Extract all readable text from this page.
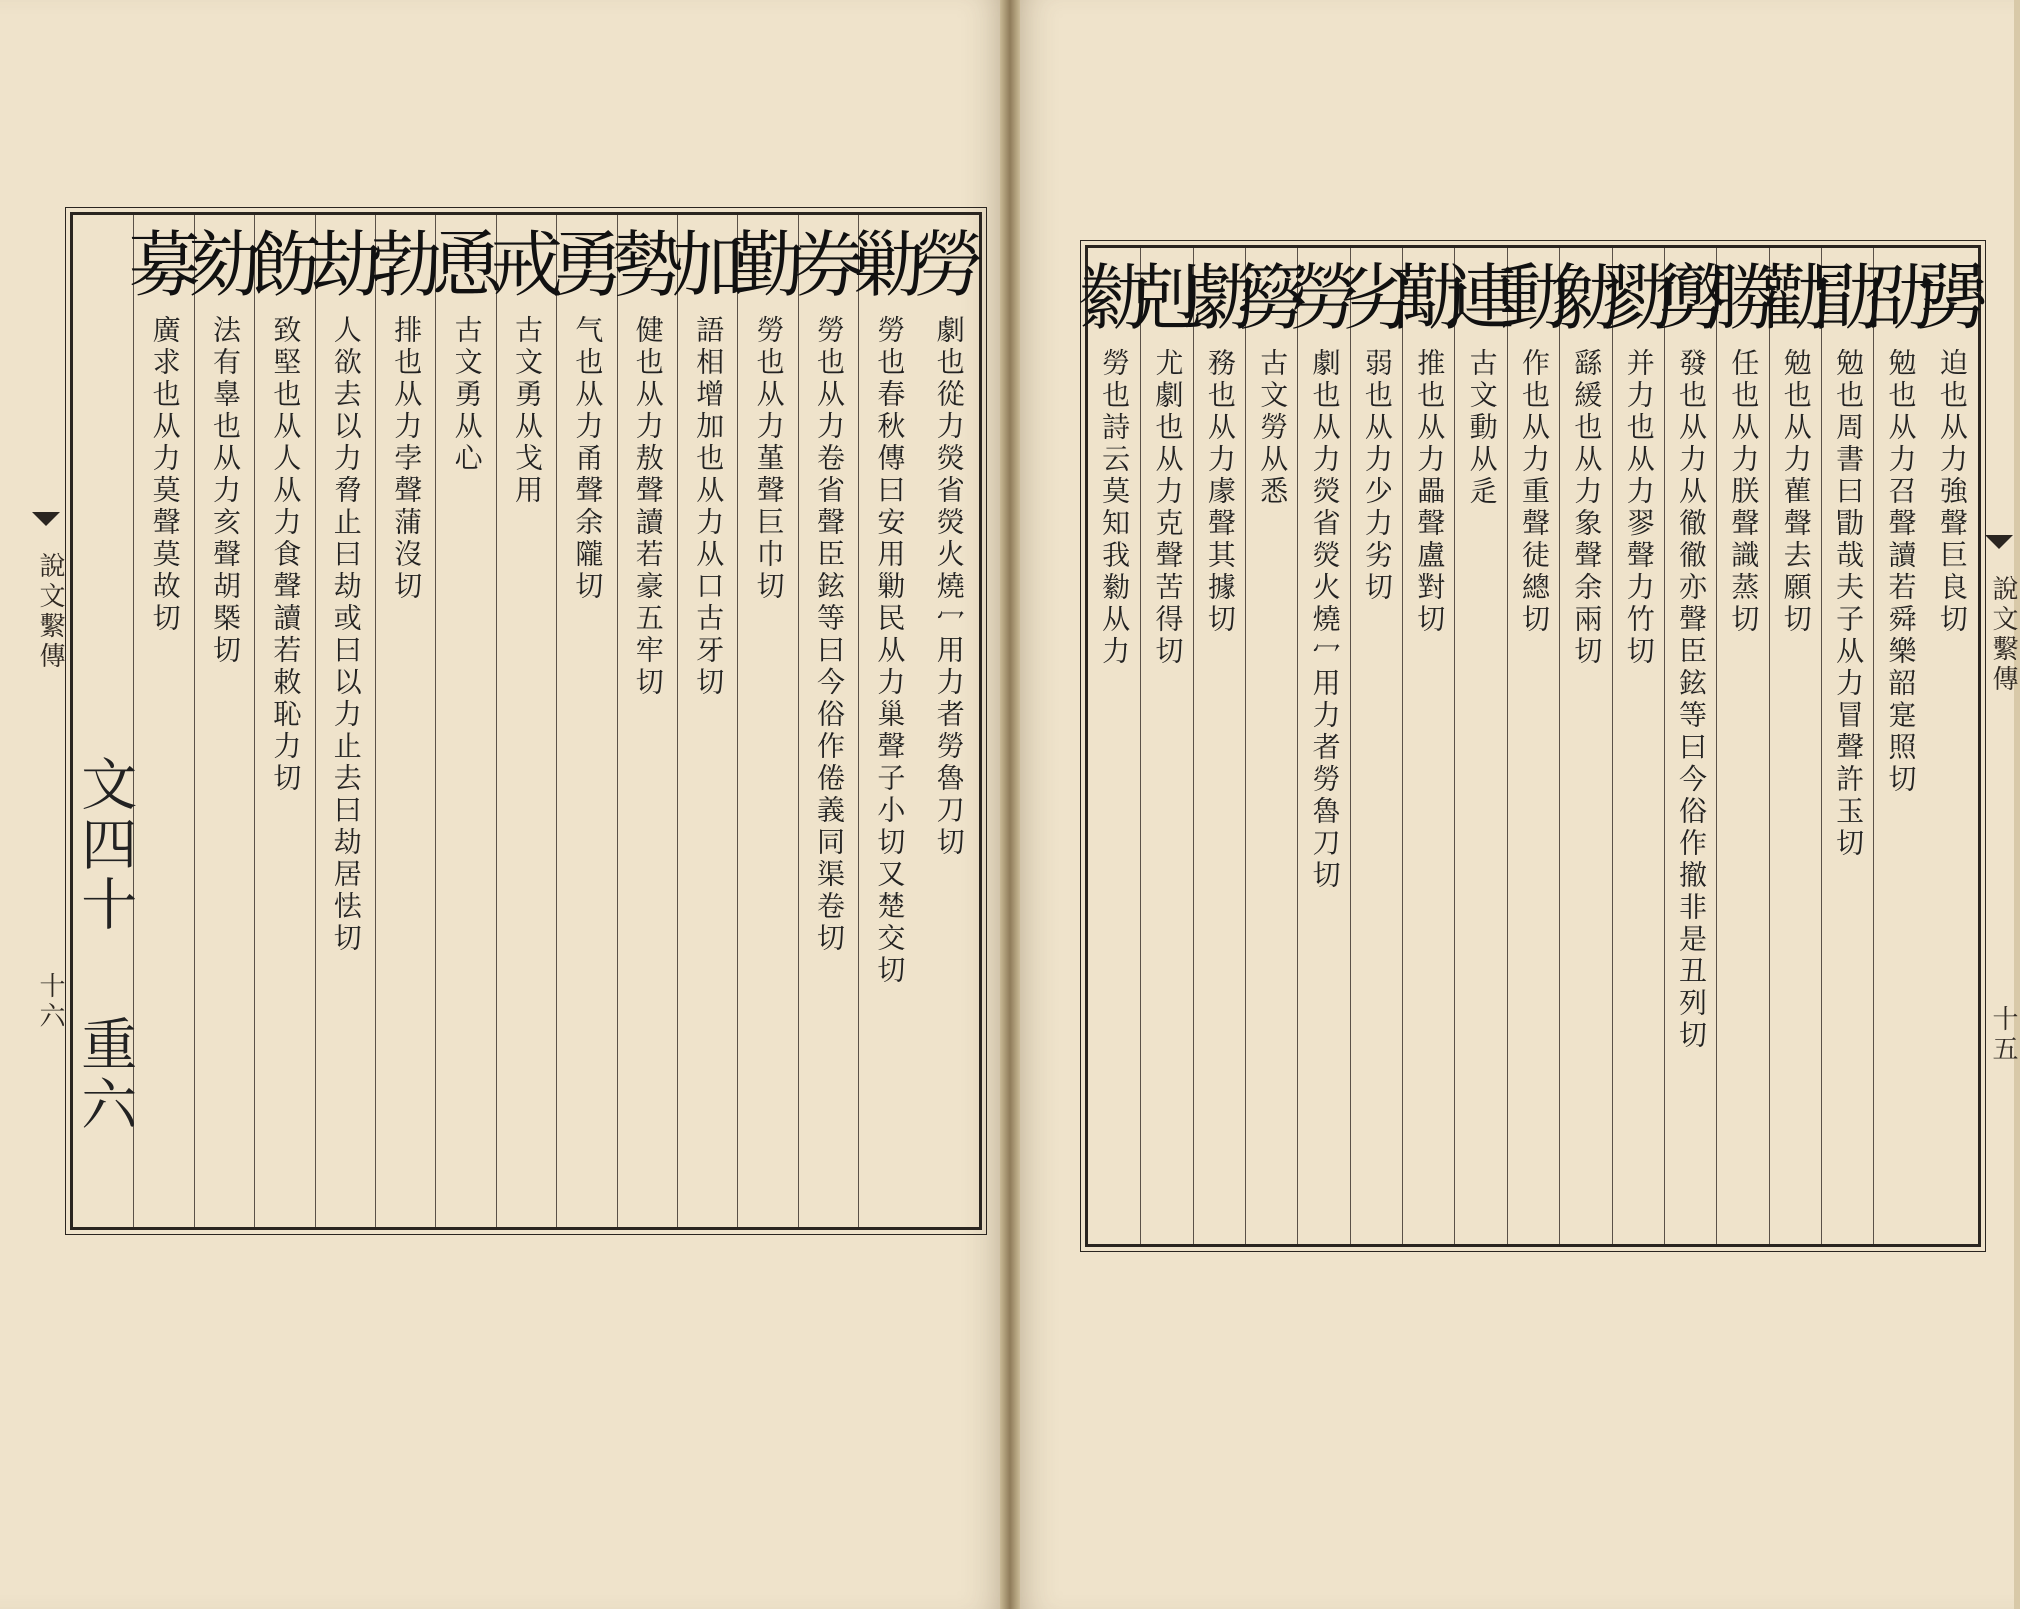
勞
劇也從力熒省熒火燒冖用力者勞魯刀切
勦
勞也春秋傳曰安用勦民从力巢聲子小切又楚交切
券
勞也从力卷省聲臣鉉等曰今俗作倦義同渠卷切
勤
勞也从力堇聲巨巾切
加
語相增加也从力从口古牙切
勢
健也从力敖聲讀若豪五牢切
勇
气也从力甬聲余隴切
戒
古文勇从戈用
恿
古文勇从心
勃
排也从力孛聲蒲沒切
劫
人欲去以力脅止曰劫或曰以力止去曰劫居怯切
飭
致堅也从人从力食聲讀若敕恥力切
劾
法有辠也从力亥聲胡槩切
募
廣求也从力莫聲莫故切
文四十
重六
說文繫傳
十六
勥
迫也从力強聲巨良切
劭
勉也从力召聲讀若舜樂韶寔照切
勖
勉也周書曰勖哉夫子从力冒聲許玉切
勸
勉也从力雚聲去願切
勝
任也从力朕聲識蒸切
勶
發也从力从徹徹亦聲臣鉉等曰今俗作撤非是丑列切
勠
并力也从力翏聲力竹切
勨
繇緩也从力象聲余兩切
動
作也从力重聲徒總切
連
古文動从辵
勱
推也从力畾聲盧對切
劣
弱也从力少力劣切
勞
劇也从力熒省熒火燒冖用力者勞魯刀切
簩
古文勞从悉
勮
務也从力豦聲其據切
剋
尤劇也从力克聲苦得切
勬
勞也詩云莫知我勬从力	說文繫傳
十五
